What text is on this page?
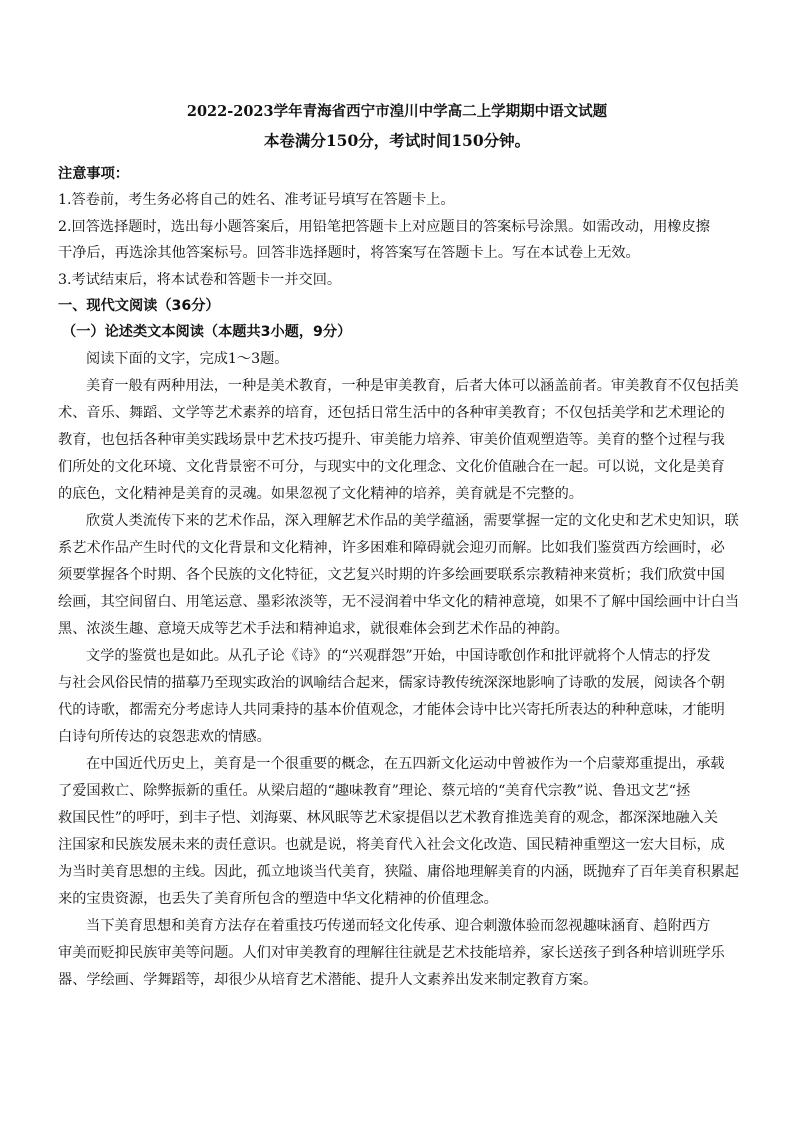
2022-2023学年青海省西宁市湟川中学高二上学期期中语文试题
本卷满分150分，考试时间150分钟。
注意事项：
1.答卷前，考生务必将自己的姓名、准考证号填写在答题卡上。
2.回答选择题时，选出每小题答案后，用铅笔把答题卡上对应题目的答案标号涂黑。如需改动，用橡皮擦
干净后，再选涂其他答案标号。回答非选择题时，将答案写在答题卡上。写在本试卷上无效。
3.考试结束后，将本试卷和答题卡一并交回。
一、现代文阅读（36分）
（一）论述类文本阅读（本题共3小题，9分）
阅读下面的文字，完成1～3题。
美育一般有两种用法，一种是美术教育，一种是审美教育，后者大体可以涵盖前者。审美教育不仅包括美
术、音乐、舞蹈、文学等艺术素养的培育，还包括日常生活中的各种审美教育；不仅包括美学和艺术理论的
教育，也包括各种审美实践场景中艺术技巧提升、审美能力培养、审美价值观塑造等。美育的整个过程与我
们所处的文化环境、文化背景密不可分，与现实中的文化理念、文化价值融合在一起。可以说，文化是美育
的底色，文化精神是美育的灵魂。如果忽视了文化精神的培养，美育就是不完整的。
欣赏人类流传下来的艺术作品，深入理解艺术作品的美学蕴涵，需要掌握一定的文化史和艺术史知识，联
系艺术作品产生时代的文化背景和文化精神，许多困难和障碍就会迎刃而解。比如我们鉴赏西方绘画时，必
须要掌握各个时期、各个民族的文化特征，文艺复兴时期的许多绘画要联系宗教精神来赏析；我们欣赏中国
绘画，其空间留白、用笔运意、墨彩浓淡等，无不浸润着中华文化的精神意境，如果不了解中国绘画中计白当
黑、浓淡生趣、意境天成等艺术手法和精神追求，就很难体会到艺术作品的神韵。
文学的鉴赏也是如此。从孔子论《诗》的“兴观群怨”开始，中国诗歌创作和批评就将个人情志的抒发
与社会风俗民情的描摹乃至现实政治的讽喻结合起来，儒家诗教传统深深地影响了诗歌的发展，阅读各个朝
代的诗歌，都需充分考虑诗人共同秉持的基本价值观念，才能体会诗中比兴寄托所表达的种种意味，才能明
白诗句所传达的哀怨悲欢的情感。
在中国近代历史上，美育是一个很重要的概念，在五四新文化运动中曾被作为一个启蒙郑重提出，承载
了爱国救亡、除弊振新的重任。从梁启超的“趣味教育”理论、蔡元培的“美育代宗教”说、鲁迅文艺“拯
救国民性”的呼吁，到丰子恺、刘海粟、林风眠等艺术家提倡以艺术教育推选美育的观念，都深深地融入关
注国家和民族发展未来的责任意识。也就是说，将美育代入社会文化改造、国民精神重塑这一宏大目标，成
为当时美育思想的主线。因此，孤立地谈当代美育，狭隘、庸俗地理解美育的内涵，既抛弃了百年美育积累起
来的宝贵资源，也丢失了美育所包含的塑造中华文化精神的价值理念。
当下美育思想和美育方法存在着重技巧传递而轻文化传承、迎合刺激体验而忽视趣味涵育、趋附西方
审美而贬抑民族审美等问题。人们对审美教育的理解往往就是艺术技能培养，家长送孩子到各种培训班学乐
器、学绘画、学舞蹈等，却很少从培育艺术潜能、提升人文素养出发来制定教育方案。
